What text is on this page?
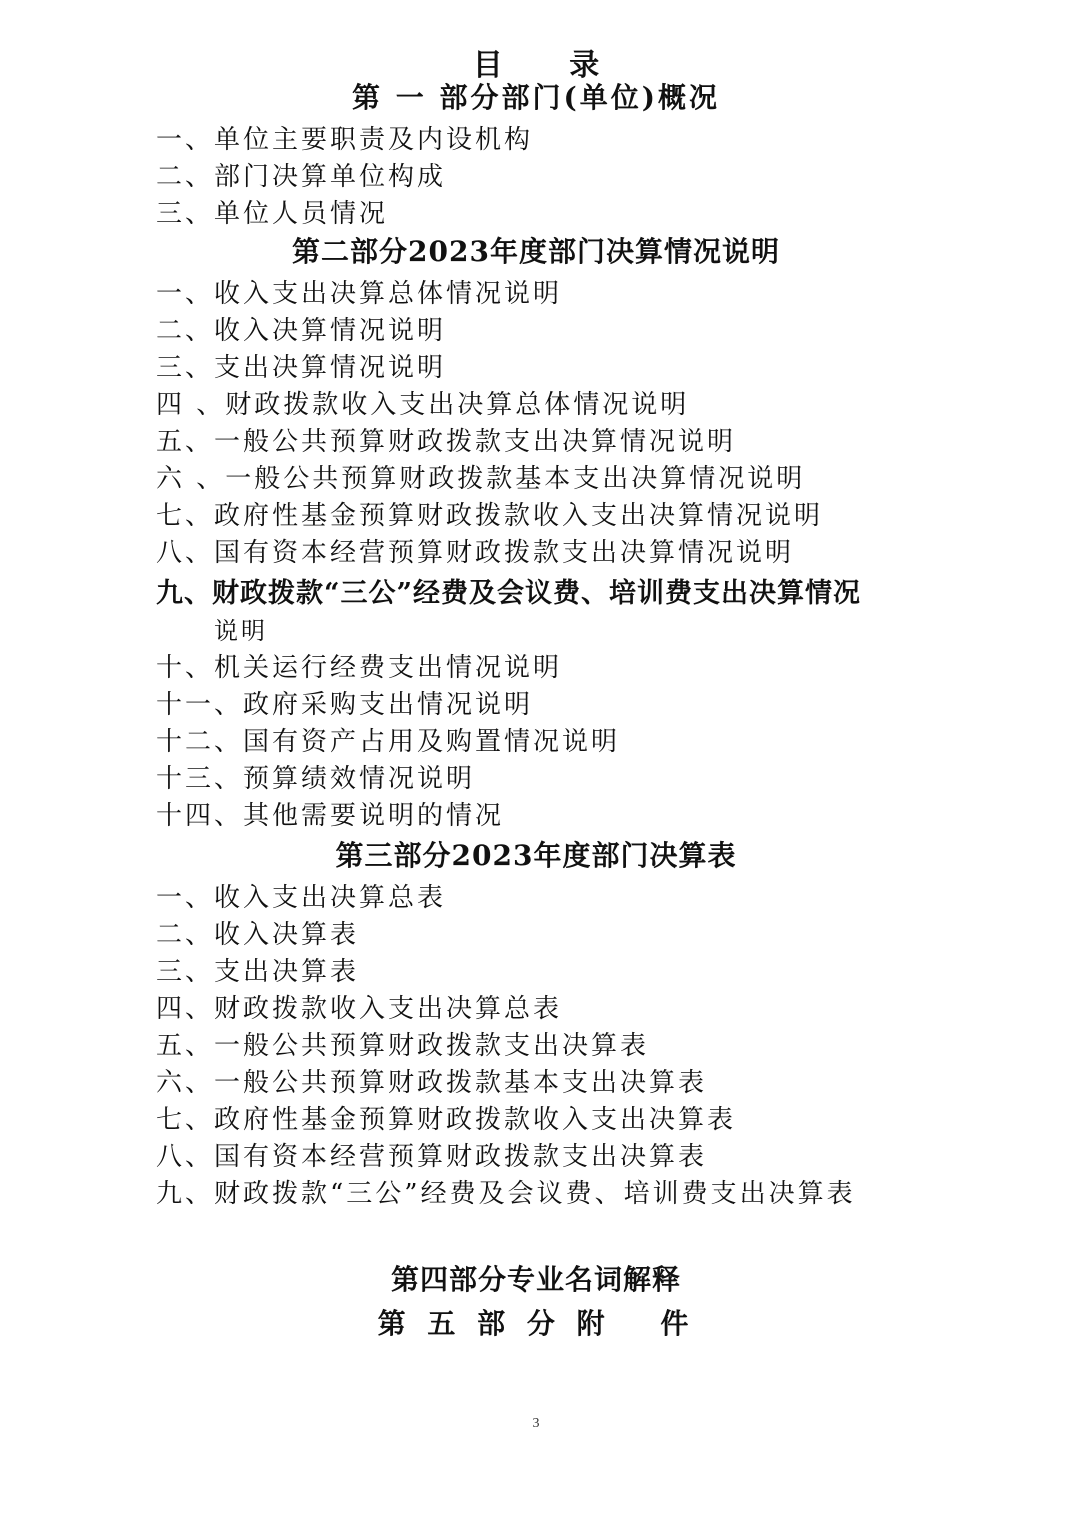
目 录
第 一 部分部门(单位)概况
一、单位主要职责及内设机构
二、部门决算单位构成
三、单位人员情况
第二部分2023年度部门决算情况说明
一、收入支出决算总体情况说明
二、收入决算情况说明
三、支出决算情况说明
四 、财政拨款收入支出决算总体情况说明
五、一般公共预算财政拨款支出决算情况说明
六 、一般公共预算财政拨款基本支出决算情况说明
七、政府性基金预算财政拨款收入支出决算情况说明
八、国有资本经营预算财政拨款支出决算情况说明
九、财政拨款“三公”经费及会议费、培训费支出决算情况
说明
十、机关运行经费支出情况说明
十一、政府采购支出情况说明
十二、国有资产占用及购置情况说明
十三、预算绩效情况说明
十四、其他需要说明的情况
第三部分2023年度部门决算表
一、收入支出决算总表
二、收入决算表
三、支出决算表
四、财政拨款收入支出决算总表
五、一般公共预算财政拨款支出决算表
六、一般公共预算财政拨款基本支出决算表
七、政府性基金预算财政拨款收入支出决算表
八、国有资本经营预算财政拨款支出决算表
九、财政拨款“三公”经费及会议费、培训费支出决算表
第四部分专业名词解释
第 五 部 分 附　 件
3
